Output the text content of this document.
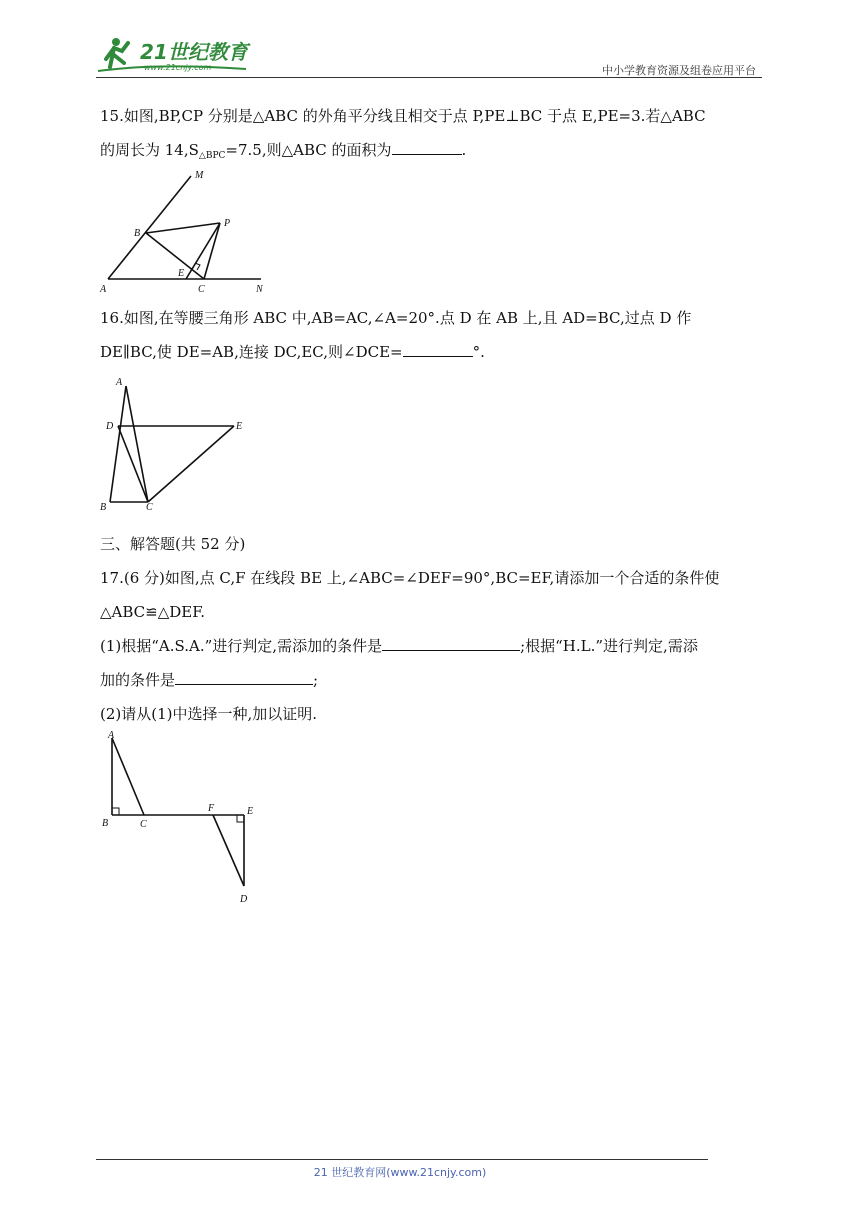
21世纪教育
www.21cnjy.com	中小学教育资源及组卷应用平台
15.如图,BP,CP 分别是△ABC 的外角平分线且相交于点 P,PE⊥BC 于点 E,PE=3.若△ABC
的周长为 $14,S_{\triangle BPC}=7.5$,则△ABC 的面积为	.
M
B
P
E
A	C	N
16.如图,在等腰三角形 ABC 中,AB=AC,∠A=20°.点 D 在 AB 上,且 AD=BC,过点 D 作
DE∥BC,使 DE=AB,连接 DC,EC,则∠DCE=	°.
A
D	E
B	C
三、解答题(共 52 分)
17.(6 分)如图,点 C,F 在线段 BE 上,∠ABC=∠DEF=90°,BC=EF,请添加一个合适的条件使
△ABC≌△DEF.
(1)根据“A.S.A.”进行判定,需添加的条件是	;根据“H.L.”进行判定,需添
加的条件是	;
(2)请从(1)中选择一种,加以证明.
A
B	C
F	E
D
21 世纪教育网(www.21cnjy.com)
